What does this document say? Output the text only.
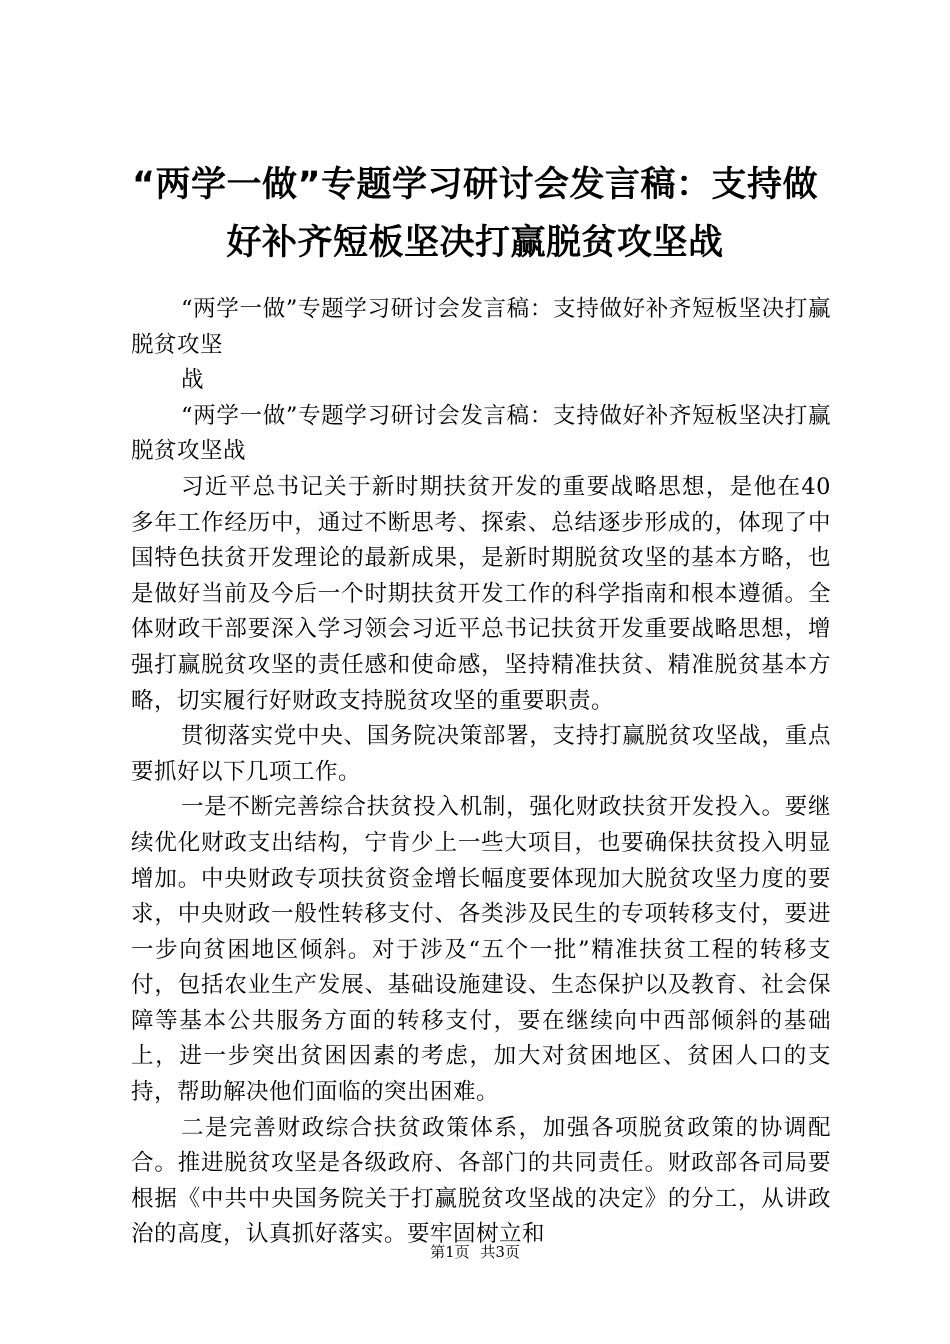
“两学一做”专题学习研讨会发言稿：支持做
好补齐短板坚决打赢脱贫攻坚战

“两学一做”专题学习研讨会发言稿：支持做好补齐短板坚决打赢脱贫攻坚

战

“两学一做”专题学习研讨会发言稿：支持做好补齐短板坚决打赢脱贫攻坚战

习近平总书记关于新时期扶贫开发的重要战略思想，是他在40多年工作经历中，通过不断思考、探索、总结逐步形成的，体现了中国特色扶贫开发理论的最新成果，是新时期脱贫攻坚的基本方略，也是做好当前及今后一个时期扶贫开发工作的科学指南和根本遵循。全体财政干部要深入学习领会习近平总书记扶贫开发重要战略思想，增强打赢脱贫攻坚的责任感和使命感，坚持精准扶贫、精准脱贫基本方略，切实履行好财政支持脱贫攻坚的重要职责。

贯彻落实党中央、国务院决策部署，支持打赢脱贫攻坚战，重点要抓好以下几项工作。

一是不断完善综合扶贫投入机制，强化财政扶贫开发投入。要继续优化财政支出结构，宁肯少上一些大项目，也要确保扶贫投入明显增加。中央财政专项扶贫资金增长幅度要体现加大脱贫攻坚力度的要求，中央财政一般性转移支付、各类涉及民生的专项转移支付，要进一步向贫困地区倾斜。对于涉及“五个一批”精准扶贫工程的转移支付，包括农业生产发展、基础设施建设、生态保护以及教育、社会保障等基本公共服务方面的转移支付，要在继续向中西部倾斜的基础上，进一步突出贫困因素的考虑，加大对贫困地区、贫困人口的支持，帮助解决他们面临的突出困难。

二是完善财政综合扶贫政策体系，加强各项脱贫政策的协调配合。推进脱贫攻坚是各级政府、各部门的共同责任。财政部各司局要根据《中共中央国务院关于打赢脱贫攻坚战的决定》的分工，从讲政治的高度，认真抓好落实。要牢固树立和

第1页 共3页
